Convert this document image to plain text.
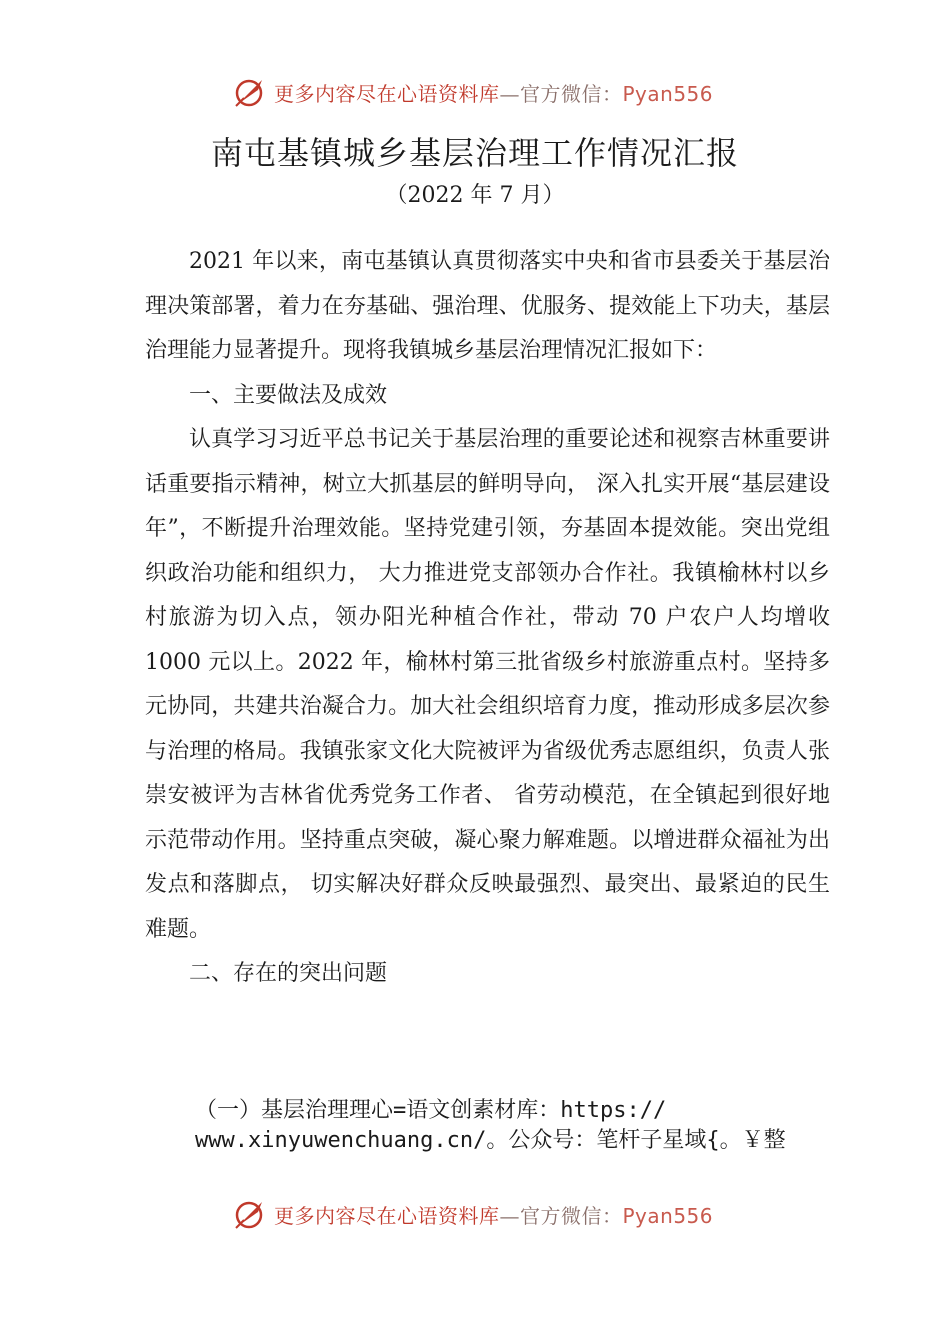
更多内容尽在心语资料库—官方微信：Pyan556
南屯基镇城乡基层治理工作情况汇报
（2022 年 7 月）

2021 年以来，南屯基镇认真贯彻落实中央和省市县委关于基层治理决策部署，着力在夯基础、强治理、优服务、提效能上下功夫，基层治理能力显著提升。现将我镇城乡基层治理情况汇报如下：

一、主要做法及成效

认真学习习近平总书记关于基层治理的重要论述和视察吉林重要讲话重要指示精神，树立大抓基层的鲜明导向， 深入扎实开展“基层建设年”，不断提升治理效能。坚持党建引领，夯基固本提效能。突出党组织政治功能和组织力， 大力推进党支部领办合作社。我镇榆林村以乡村旅游为切入点，领办阳光种植合作社，带动 70 户农户人均增收 1000 元以上。2022 年，榆林村第三批省级乡村旅游重点村。坚持多元协同，共建共治凝合力。加大社会组织培育力度，推动形成多层次参与治理的格局。我镇张家文化大院被评为省级优秀志愿组织，负责人张崇安被评为吉林省优秀党务工作者、 省劳动模范，在全镇起到很好地示范带动作用。坚持重点突破，凝心聚力解难题。以增进群众福祉为出发点和落脚点， 切实解决好群众反映最强烈、最突出、最紧迫的民生难题。

二、存在的突出问题

（一）基层治理理心=语文创素材库：https://
www.xinyuwenchuang.cn/。公众号：笔杆子星域{。￥整
更多内容尽在心语资料库—官方微信：Pyan556
